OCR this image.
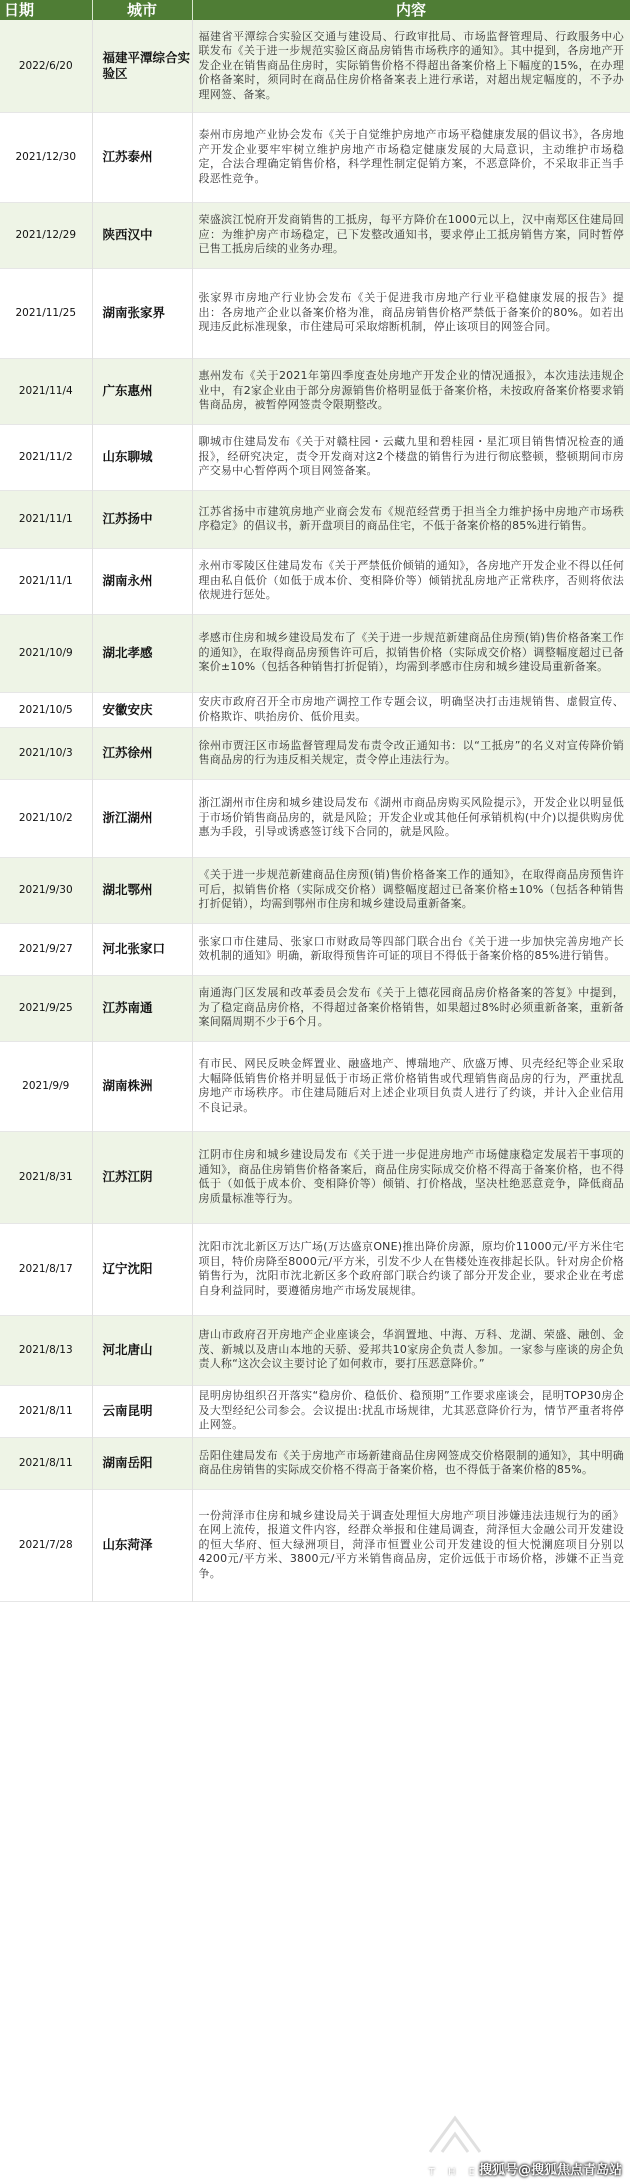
日期	城市	内容
2022/6/20	福建平潭综合实验区	福建省平潭综合实验区交通与建设局、行政审批局、市场监督管理局、行政服务中心联发布《关于进一步规范实验区商品房销售市场秩序的通知》。其中提到，各房地产开发企业在销售商品住房时，实际销售价格不得超出备案价格上下幅度的15%，在办理价格备案时，须同时在商品住房价格备案表上进行承诺，对超出规定幅度的，不予办理网签、备案。
2021/12/30	江苏泰州	泰州市房地产业协会发布《关于自觉维护房地产市场平稳健康发展的倡议书》，各房地产开发企业要牢牢树立维护房地产市场稳定健康发展的大局意识，主动维护市场稳定，合法合理确定销售价格，科学理性制定促销方案，不恶意降价，不采取非正当手段恶性竞争。
2021/12/29	陕西汉中	荣盛滨江悦府开发商销售的工抵房，每平方降价在1000元以上，汉中南郑区住建局回应：为维护房产市场稳定，已下发整改通知书，要求停止工抵房销售方案，同时暂停已售工抵房后续的业务办理。
2021/11/25	湖南张家界	张家界市房地产行业协会发布《关于促进我市房地产行业平稳健康发展的报告》提出：各房地产企业以备案价格为准，商品房销售价格严禁低于备案价的80%。如若出现违反此标准现象，市住建局可采取熔断机制，停止该项目的网签合同。
2021/11/4	广东惠州	惠州发布《关于2021年第四季度查处房地产开发企业的情况通报》，本次违法违规企业中，有2家企业由于部分房源销售价格明显低于备案价格，未按政府备案价格要求销售商品房，被暂停网签责令限期整改。
2021/11/2	山东聊城	聊城市住建局发布《关于对赣柱园・云藏九里和碧桂园・星汇项目销售情况检查的通报》，经研究决定，责令开发商对这2个楼盘的销售行为进行彻底整顿，整顿期间市房产交易中心暂停两个项目网签备案。
2021/11/1	江苏扬中	江苏省扬中市建筑房地产业商会发布《规范经营勇于担当全力维护扬中房地产市场秩序稳定》的倡议书，新开盘项目的商品住宅，不低于备案价格的85%进行销售。
2021/11/1	湖南永州	永州市零陵区住建局发布《关于严禁低价倾销的通知》，各房地产开发企业不得以任何理由私自低价（如低于成本价、变相降价等）倾销扰乱房地产正常秩序，否则将依法依规进行惩处。
2021/10/9	湖北孝感	孝感市住房和城乡建设局发布了《关于进一步规范新建商品住房预(销)售价格备案工作的通知》，在取得商品房预售许可后，拟销售价格（实际成交价格）调整幅度超过已备案价±10%（包括各种销售打折促销），均需到孝感市住房和城乡建设局重新备案。
2021/10/5	安徽安庆	安庆市政府召开全市房地产调控工作专题会议，明确坚决打击违规销售、虚假宣传、价格欺诈、哄抬房价、低价甩卖。
2021/10/3	江苏徐州	徐州市贾汪区市场监督管理局发布责令改正通知书：以“工抵房”的名义对宣传降价销售商品房的行为违反相关规定，责令停止违法行为。
2021/10/2	浙江湖州	浙江湖州市住房和城乡建设局发布《湖州市商品房购买风险提示》，开发企业以明显低于市场价销售商品房的，就是风险；开发企业或其他任何承销机构(中介)以提供购房优惠为手段，引导或诱惑签订线下合同的，就是风险。
2021/9/30	湖北鄂州	《关于进一步规范新建商品住房预(销)售价格备案工作的通知》，在取得商品房预售许可后，拟销售价格（实际成交价格）调整幅度超过已备案价格±10%（包括各种销售打折促销），均需到鄂州市住房和城乡建设局重新备案。
2021/9/27	河北张家口	张家口市住建局、张家口市财政局等四部门联合出台《关于进一步加快完善房地产长效机制的通知》明确，新取得预售许可证的项目不得低于备案价格的85%进行销售。
2021/9/25	江苏南通	南通海门区发展和改革委员会发布《关于上德花园商品房价格备案的答复》中提到，为了稳定商品房价格，不得超过备案价格销售，如果超过8%时必须重新备案，重新备案间隔周期不少于6个月。
2021/9/9	湖南株洲	有市民、网民反映金辉置业、融盛地产、博瑞地产、欣盛万博、贝壳经纪等企业采取大幅降低销售价格并明显低于市场正常价格销售或代理销售商品房的行为，严重扰乱房地产市场秩序。市住建局随后对上述企业项目负责人进行了约谈，并计入企业信用不良记录。
2021/8/31	江苏江阴	江阴市住房和城乡建设局发布《关于进一步促进房地产市场健康稳定发展若干事项的通知》，商品住房销售价格备案后，商品住房实际成交价格不得高于备案价格，也不得低于（如低于成本价、变相降价等）倾销、打价格战，坚决杜绝恶意竞争，降低商品房质量标准等行为。
2021/8/17	辽宁沈阳	沈阳市沈北新区万达广场(万达盛京ONE)推出降价房源，原均价11000元/平方米住宅项目，特价房降至8000元/平方米，引发不少人在售楼处连夜排起长队。针对房企价格销售行为，沈阳市沈北新区多个政府部门联合约谈了部分开发企业，要求企业在考虑自身利益同时，要遵循房地产市场发展规律。
2021/8/13	河北唐山	唐山市政府召开房地产企业座谈会，华润置地、中海、万科、龙湖、荣盛、融创、金茂、新城以及唐山本地的天骄、爱邦共10家房企负责人参加。一家参与座谈的房企负责人称“这次会议主要讨论了如何救市，要打压恶意降价。”
2021/8/11	云南昆明	昆明房协组织召开落实“稳房价、稳低价、稳预期”工作要求座谈会，昆明TOP30房企及大型经纪公司参会。会议提出:扰乱市场规律，尤其恶意降价行为，情节严重者将停止网签。
2021/8/11	湖南岳阳	岳阳住建局发布《关于房地产市场新建商品住房网签成交价格限制的通知》，其中明确商品住房销售的实际成交价格不得高于备案价格，也不得低于备案价格的85%。
2021/7/28	山东菏泽	一份菏泽市住房和城乡建设局关于调查处理恒大房地产项目涉嫌违法违规行为的函》在网上流传，报道文件内容，经群众举报和住建局调查，菏泽恒大金融公司开发建设的恒大华府、恒大绿洲项目，菏泽市恒置业公司开发建设的恒大悦澜庭项目分别以4200元/平方米、3800元/平方米销售商品房，定价远低于市场价格，涉嫌不正当竞争。
T H E
搜狐号@搜狐焦点青岛站
